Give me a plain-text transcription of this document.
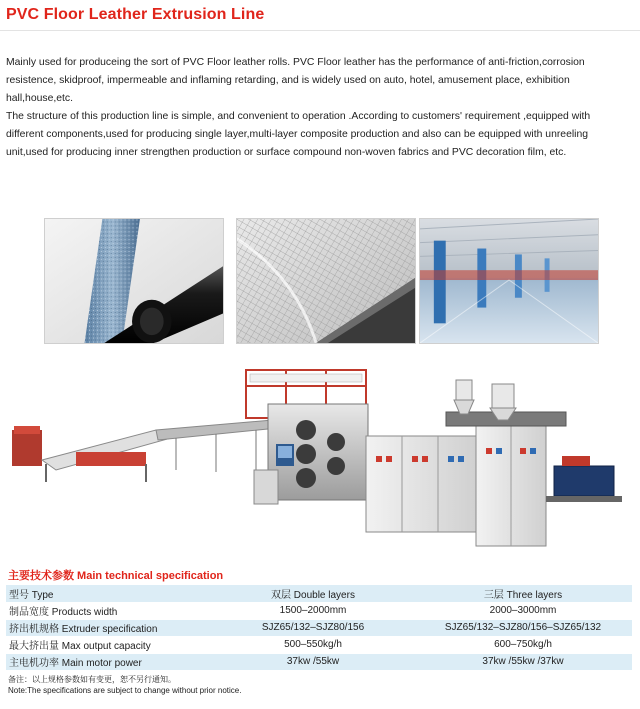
PVC Floor Leather Extrusion Line

Mainly used for produceing the sort of PVC Floor leather rolls. PVC Floor leather has the performance of anti-friction,corrosion resistence, skidproof, impermeable and inflaming retarding, and is widely used on auto, hotel, amusement place, exhibition hall,house,etc.

The structure of this production line is simple, and convenient to operation .According to customers' requirement ,equipped with different components,used for producing single layer,multi-layer composite production and also can be equipped with unreeling unit,used for producing inner strengthen production or surface compound non-woven fabrics and PVC decoration film, etc.

主要技术参数 Main technical specification
型号 Type	双层 Double layers	三层 Three layers
制品宽度 Products width	1500–2000mm	2000–3000mm
挤出机规格 Extruder specification	SJZ65/132–SJZ80/156	SJZ65/132–SJZ80/156–SJZ65/132
最大挤出量 Max output capacity	500–550kg/h	600–750kg/h
主电机功率 Main motor power	37kw /55kw	37kw /55kw /37kw
备注：以上规格参数如有变更，恕不另行通知。
Note:The specifications are subject to change without prior notice.
